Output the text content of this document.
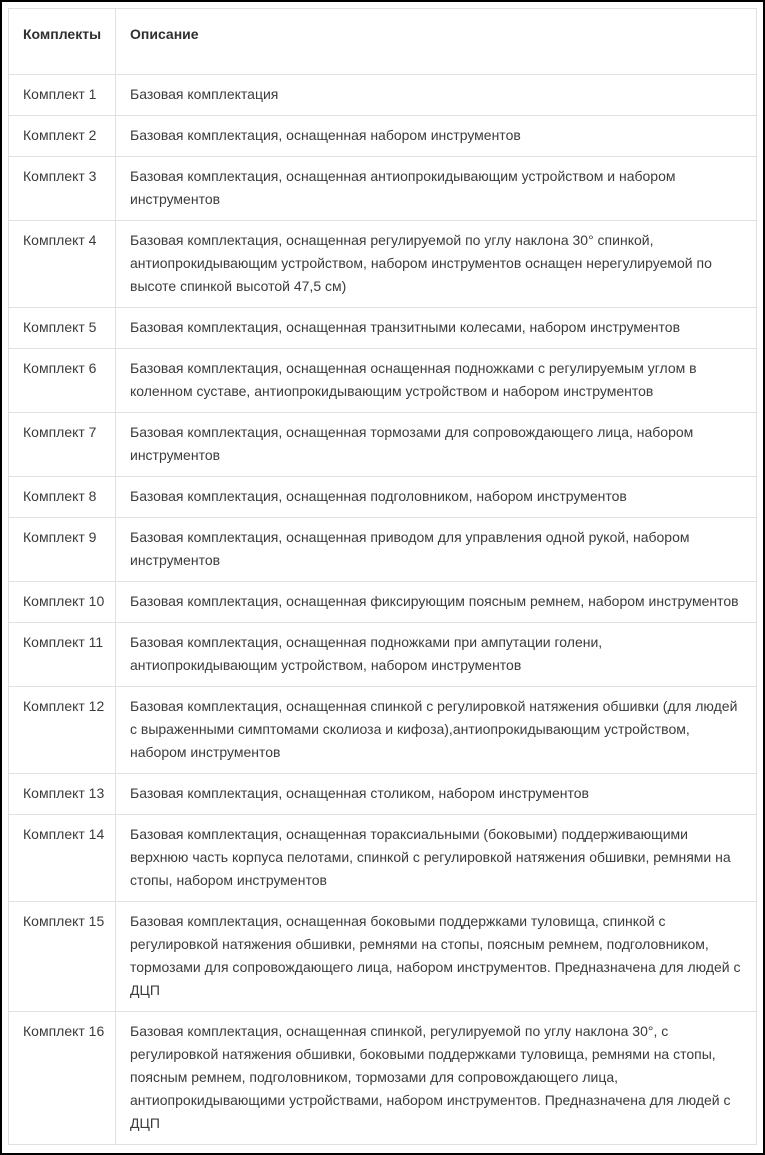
Комплекты	Описание
Комплект 1	Базовая комплектация
Комплект 2	Базовая комплектация, оснащенная набором инструментов
Комплект 3	Базовая комплектация, оснащенная антиопрокидывающим устройством и набором инструментов
Комплект 4	Базовая комплектация, оснащенная регулируемой по углу наклона 30° спинкой, антиопрокидывающим устройством, набором инструментов оснащен нерегулируемой по высоте спинкой высотой 47,5 см)
Комплект 5	Базовая комплектация, оснащенная транзитными колесами, набором инструментов
Комплект 6	Базовая комплектация, оснащенная оснащенная подножками с регулируемым углом в коленном суставе, антиопрокидывающим устройством и набором инструментов
Комплект 7	Базовая комплектация, оснащенная тормозами для сопровождающего лица, набором инструментов
Комплект 8	Базовая комплектация, оснащенная подголовником, набором инструментов
Комплект 9	Базовая комплектация, оснащенная приводом для управления одной рукой, набором инструментов
Комплект 10	Базовая комплектация, оснащенная фиксирующим поясным ремнем, набором инструментов
Комплект 11	Базовая комплектация, оснащенная подножками при ампутации голени, антиопрокидывающим устройством, набором инструментов
Комплект 12	Базовая комплектация, оснащенная спинкой с регулировкой натяжения обшивки (для людей с выраженными симптомами сколиоза и кифоза),антиопрокидывающим устройством, набором инструментов
Комплект 13	Базовая комплектация, оснащенная столиком, набором инструментов
Комплект 14	Базовая комплектация, оснащенная тораксиальными (боковыми) поддерживающими верхнюю часть корпуса пелотами, спинкой с регулировкой натяжения обшивки, ремнями на стопы, набором инструментов
Комплект 15	Базовая комплектация, оснащенная боковыми поддержками туловища, спинкой с регулировкой натяжения обшивки, ремнями на стопы, поясным ремнем, подголовником, тормозами для сопровождающего лица, набором инструментов. Предназначена для людей с ДЦП
Комплект 16	Базовая комплектация, оснащенная спинкой, регулируемой по углу наклона 30°, с регулировкой натяжения обшивки, боковыми поддержками туловища, ремнями на стопы, поясным ремнем, подголовником, тормозами для сопровождающего лица, антиопрокидывающими устройствами, набором инструментов. Предназначена для людей с ДЦП
